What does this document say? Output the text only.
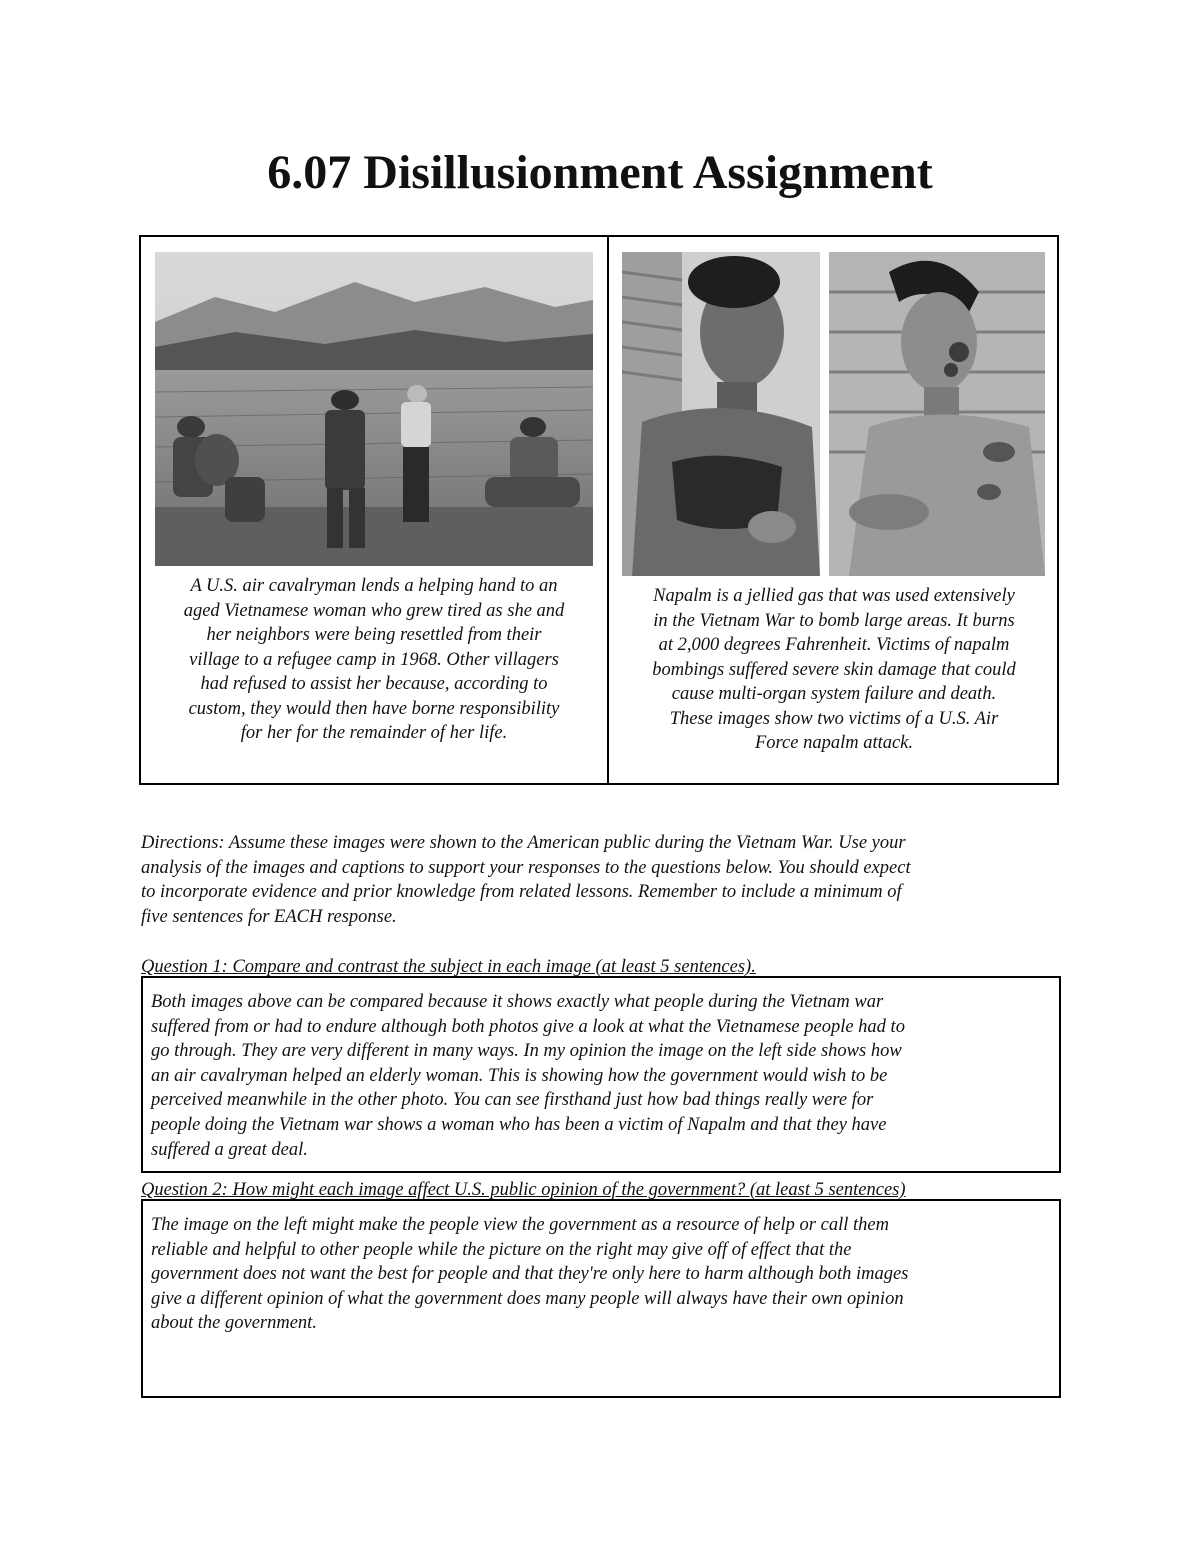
6.07 Disillusionment Assignment
A U.S. air cavalryman lends a helping hand to an
aged Vietnamese woman who grew tired as she and
her neighbors were being resettled from their
village to a refugee camp in 1968. Other villagers
had refused to assist her because, according to
custom, they would then have borne responsibility
for her for the remainder of her life.
Napalm is a jellied gas that was used extensively
in the Vietnam War to bomb large areas. It burns
at 2,000 degrees Fahrenheit. Victims of napalm
bombings suffered severe skin damage that could
cause multi-organ system failure and death.
These images show two victims of a U.S. Air
Force napalm attack.
Directions: Assume these images were shown to the American public during the Vietnam War. Use your
analysis of the images and captions to support your responses to the questions below. You should expect
to incorporate evidence and prior knowledge from related lessons. Remember to include a minimum of
five sentences for EACH response.
Question 1: Compare and contrast the subject in each image (at least 5 sentences).
Both images above can be compared because it shows exactly what people during the Vietnam war
suffered from or had to endure although both photos give a look at what the Vietnamese people had to
go through. They are very different in many ways. In my opinion the image on the left side shows how
an air cavalryman helped an elderly woman. This is showing how the government would wish to be
perceived meanwhile in the other photo. You can see firsthand just how bad things really were for
people doing the Vietnam war shows a woman who has been a victim of Napalm and that they have
suffered a great deal.
Question 2: How might each image affect U.S. public opinion of the government? (at least 5 sentences)
The image on the left might make the people view the government as a resource of help or call them
reliable and helpful to other people while the picture on the right may give off of effect that the
government does not want the best for people and that they're only here to harm although both images
give a different opinion of what the government does many people will always have their own opinion
about the government.
